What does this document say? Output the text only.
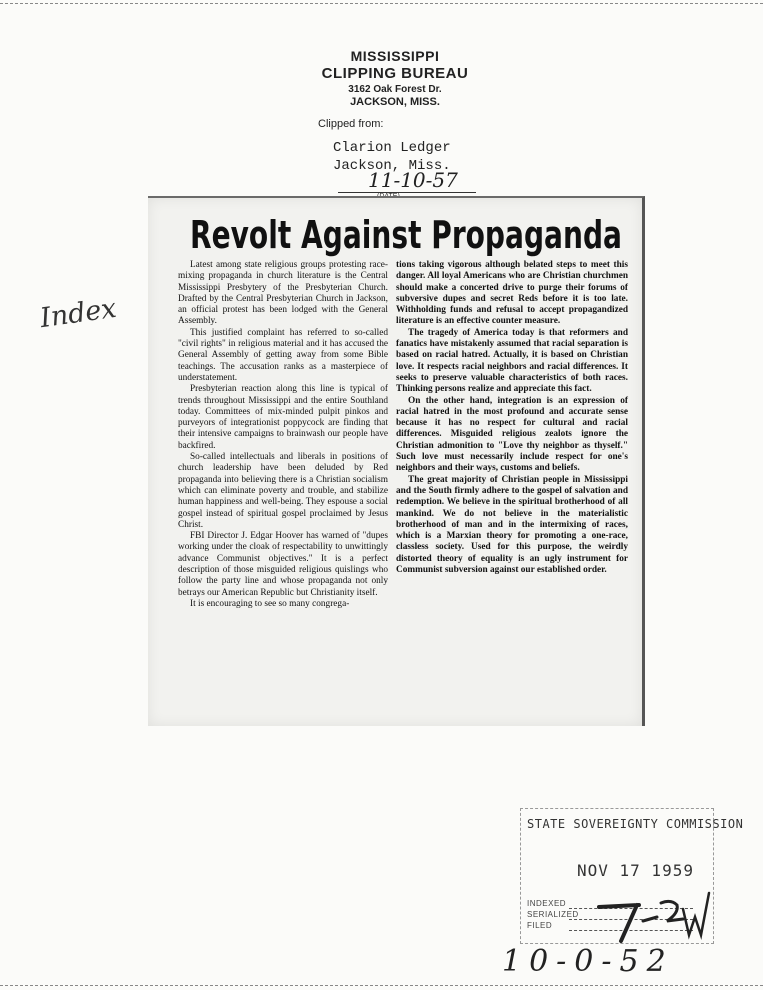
MISSISSIPPI
CLIPPING BUREAU
3162 Oak Forest Dr.
JACKSON, MISS.
Clipped from:
Clarion Ledger
Jackson, Miss.
11-10-57
Index
Revolt Against Propaganda

Latest among state religious groups protesting race-mixing propaganda in church literature is the Central Mississippi Presbytery of the Presbyterian Church. Drafted by the Central Presbyterian Church in Jackson, an official protest has been lodged with the General Assembly.

This justified complaint has referred to so-called "civil rights" in religious material and it has accused the General Assembly of getting away from some Bible teachings. The accusation ranks as a masterpiece of understatement.

Presbyterian reaction along this line is typical of trends throughout Mississippi and the entire Southland today. Committees of mix-minded pulpit pinkos and purveyors of integrationist poppycock are finding that their intensive campaigns to brainwash our people have backfired.

So-called intellectuals and liberals in positions of church leadership have been deluded by Red propaganda into believing there is a Christian socialism which can eliminate poverty and trouble, and stabilize human happiness and well-being. They espouse a social gospel instead of spiritual gospel proclaimed by Jesus Christ.

FBI Director J. Edgar Hoover has warned of "dupes working under the cloak of respectability to unwittingly advance Communist objectives." It is a perfect description of those misguided religious quislings who follow the party line and whose propaganda not only betrays our American Republic but Christianity itself.

It is encouraging to see so many congrega-

tions taking vigorous although belated steps to meet this danger. All loyal Americans who are Christian churchmen should make a concerted drive to purge their forums of subversive dupes and secret Reds before it is too late. Withholding funds and refusal to accept propagandized literature is an effective counter measure.

The tragedy of America today is that reformers and fanatics have mistakenly assumed that racial separation is based on racial hatred. Actually, it is based on Christian love. It respects racial neighbors and racial differences. It seeks to preserve valuable characteristics of both races. Thinking persons realize and appreciate this fact.

On the other hand, integration is an expression of racial hatred in the most profound and accurate sense because it has no respect for cultural and racial differences. Misguided religious zealots ignore the Christian admonition to "Love thy neighbor as thyself." Such love must necessarily include respect for one's neighbors and their ways, customs and beliefs.

The great majority of Christian people in Mississippi and the South firmly adhere to the gospel of salvation and redemption. We believe in the spiritual brotherhood of all mankind. We do not believe in the materialistic brotherhood of man and in the intermixing of races, which is a Marxian theory for promoting a one-race, classless society. Used for this purpose, the weirdly distorted theory of equality is an ugly instrument for Communist subversion against our established order.

STATE SOVEREIGNTY COMMISSION
NOV 17 1959
INDEXED
SERIALIZED
FILED
10-0-52
